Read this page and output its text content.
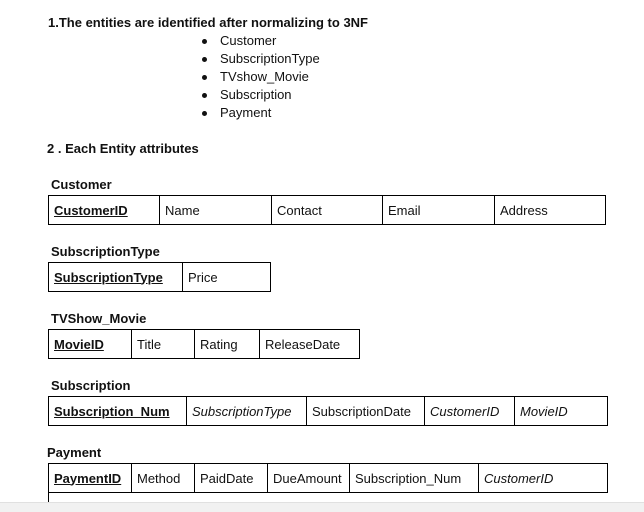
1.The entities are identified after normalizing to 3NF
Customer
SubscriptionType
TVshow_Movie
Subscription
Payment
2 . Each Entity attributes
Customer
CustomerID	Name	Contact	Email	Address
SubscriptionType
SubscriptionType	Price
TVShow_Movie
MovieID	Title	Rating	ReleaseDate
Subscription
Subscription_Num	SubscriptionType	SubscriptionDate	CustomerID	MovieID
Payment
PaymentID	Method	PaidDate	DueAmount	Subscription_Num	CustomerID
